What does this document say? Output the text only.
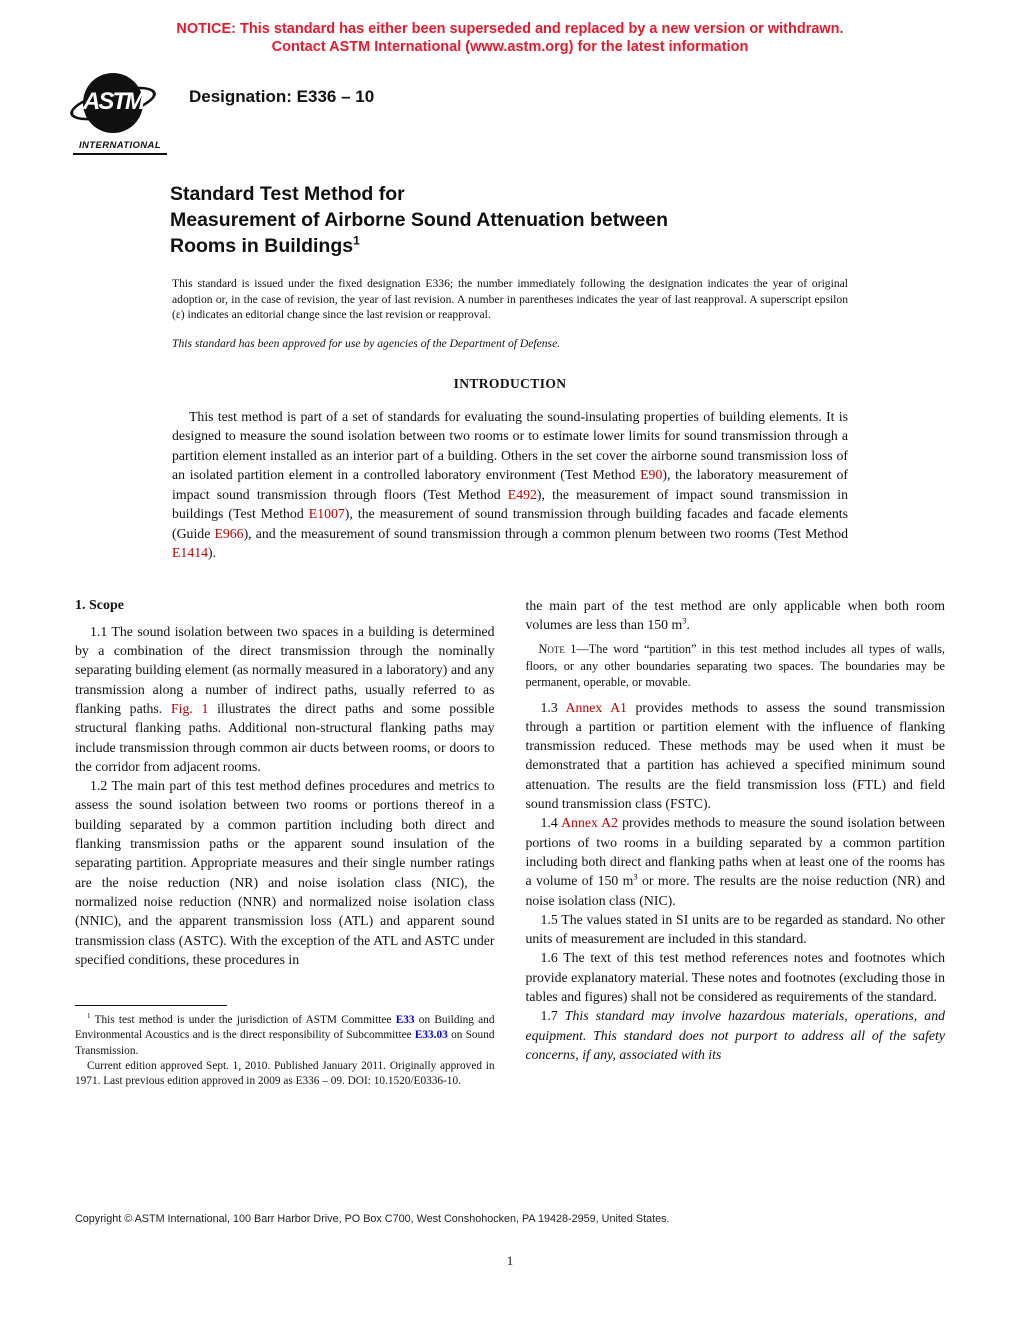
NOTICE: This standard has either been superseded and replaced by a new version or withdrawn.
Contact ASTM International (www.astm.org) for the latest information
ASTM
INTERNATIONAL
Designation: E336 – 10
Standard Test Method for
Measurement of Airborne Sound Attenuation between
Rooms in Buildings$^1$

This standard is issued under the fixed designation E336; the number immediately following the designation indicates the year of original adoption or, in the case of revision, the year of last revision. A number in parentheses indicates the year of last reapproval. A superscript epsilon (ε) indicates an editorial change since the last revision or reapproval.

This standard has been approved for use by agencies of the Department of Defense.

INTRODUCTION

This test method is part of a set of standards for evaluating the sound-insulating properties of building elements. It is designed to measure the sound isolation between two rooms or to estimate lower limits for sound transmission through a partition element installed as an interior part of a building. Others in the set cover the airborne sound transmission loss of an isolated partition element in a controlled laboratory environment (Test Method E90), the laboratory measurement of impact sound transmission through floors (Test Method E492), the measurement of impact sound transmission in buildings (Test Method E1007), the measurement of sound transmission through building facades and facade elements (Guide E966), and the measurement of sound transmission through a common plenum between two rooms (Test Method E1414).

1. Scope

1.1 The sound isolation between two spaces in a building is determined by a combination of the direct transmission through the nominally separating building element (as normally measured in a laboratory) and any transmission along a number of indirect paths, usually referred to as flanking paths. Fig. 1 illustrates the direct paths and some possible structural flanking paths. Additional non-structural flanking paths may include transmission through common air ducts between rooms, or doors to the corridor from adjacent rooms.

1.2 The main part of this test method defines procedures and metrics to assess the sound isolation between two rooms or portions thereof in a building separated by a common partition including both direct and flanking transmission paths or the apparent sound insulation of the separating partition. Appropriate measures and their single number ratings are the noise reduction (NR) and noise isolation class (NIC), the normalized noise reduction (NNR) and normalized noise isolation class (NNIC), and the apparent transmission loss (ATL) and apparent sound transmission class (ASTC). With the exception of the ATL and ASTC under specified conditions, these procedures in

$^1$ This test method is under the jurisdiction of ASTM Committee E33 on Building and Environmental Acoustics and is the direct responsibility of Subcommittee E33.03 on Sound Transmission.

Current edition approved Sept. 1, 2010. Published January 2011. Originally approved in 1971. Last previous edition approved in 2009 as E336 – 09. DOI: 10.1520/E0336-10.

the main part of the test method are only applicable when both room volumes are less than 150 $m^3$.

Note 1—The word “partition” in this test method includes all types of walls, floors, or any other boundaries separating two spaces. The boundaries may be permanent, operable, or movable.

1.3 Annex A1 provides methods to assess the sound transmission through a partition or partition element with the influence of flanking transmission reduced. These methods may be used when it must be demonstrated that a partition has achieved a specified minimum sound attenuation. The results are the field transmission loss (FTL) and field sound transmission class (FSTC).

1.4 Annex A2 provides methods to measure the sound isolation between portions of two rooms in a building separated by a common partition including both direct and flanking paths when at least one of the rooms has a volume of 150 $m^3$ or more. The results are the noise reduction (NR) and noise isolation class (NIC).

1.5 The values stated in SI units are to be regarded as standard. No other units of measurement are included in this standard.

1.6 The text of this test method references notes and footnotes which provide explanatory material. These notes and footnotes (excluding those in tables and figures) shall not be considered as requirements of the standard.

1.7 This standard may involve hazardous materials, operations, and equipment. This standard does not purport to address all of the safety concerns, if any, associated with its

Copyright © ASTM International, 100 Barr Harbor Drive, PO Box C700, West Conshohocken, PA 19428-2959, United States.
1
